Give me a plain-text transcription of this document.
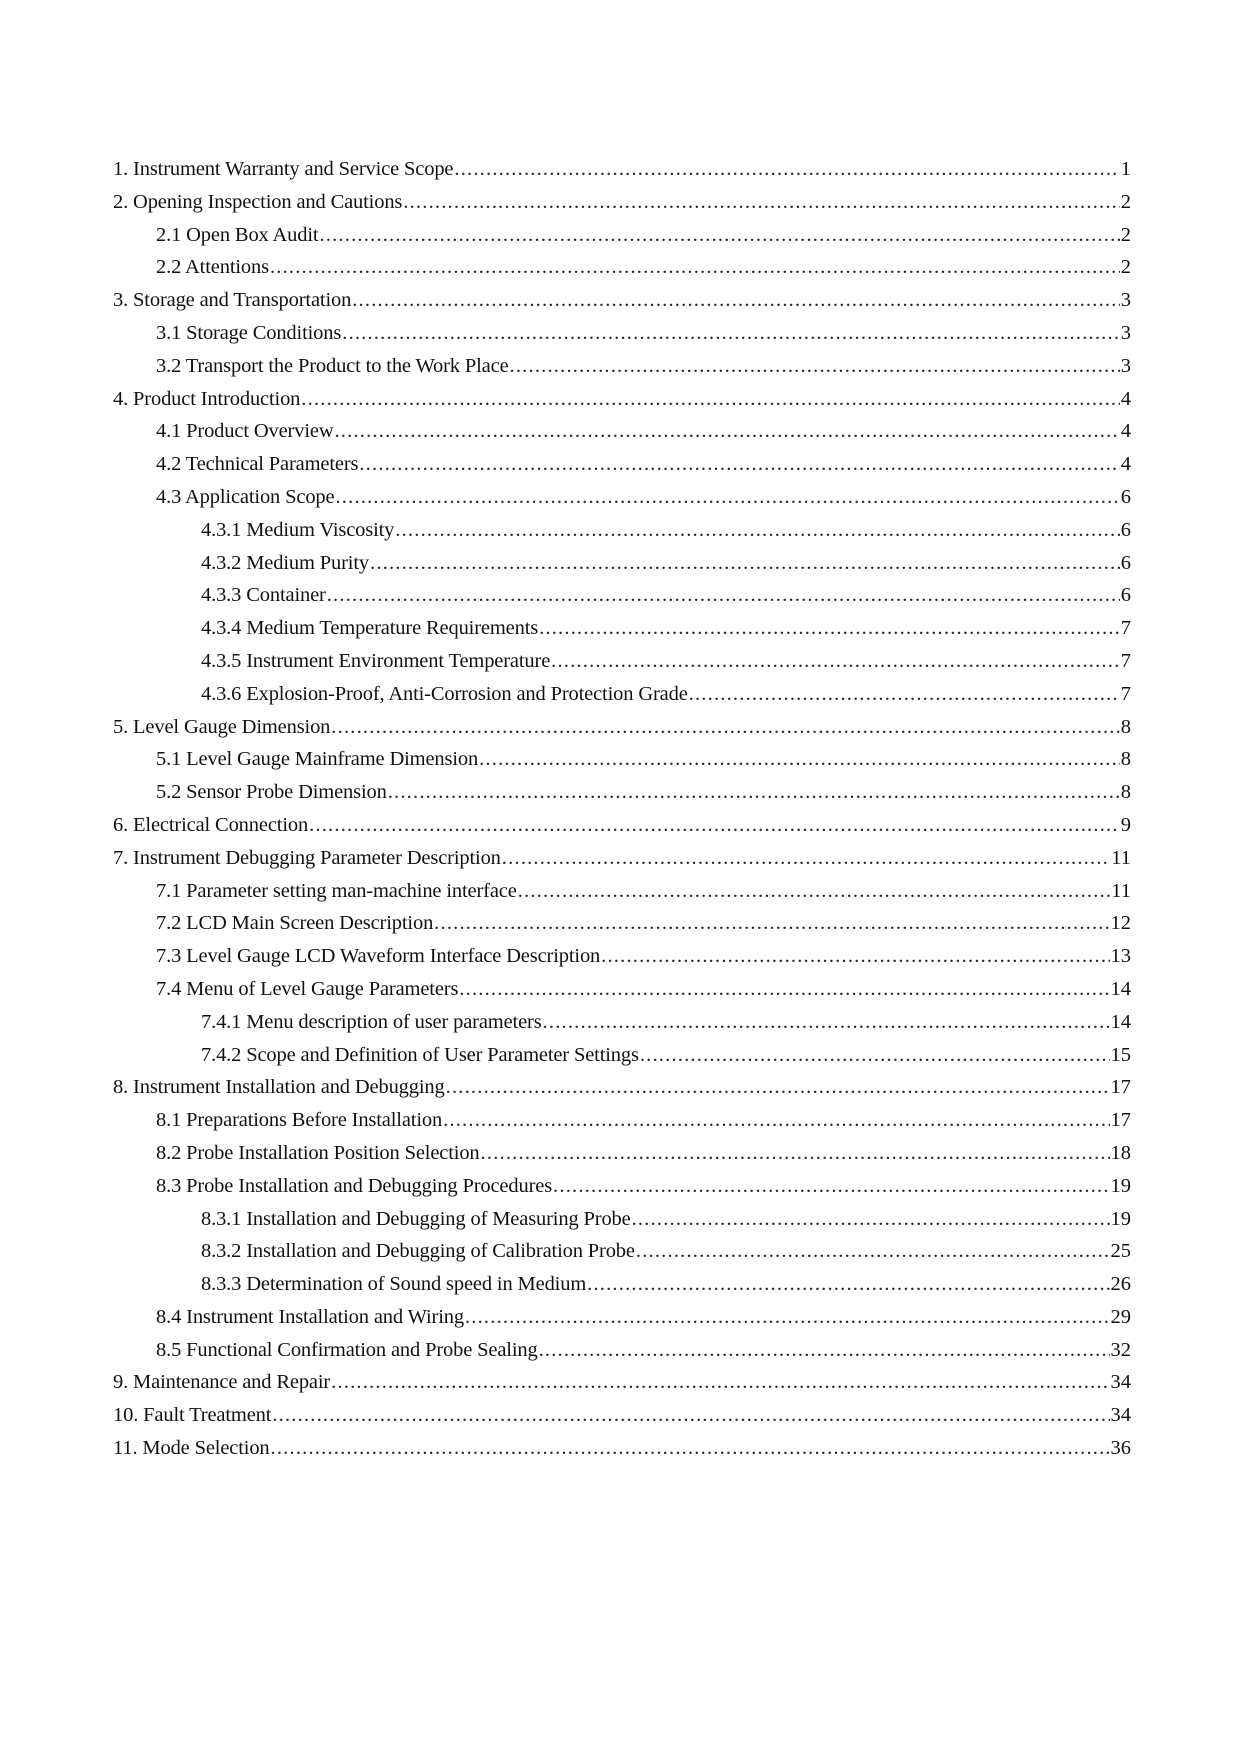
1. Instrument Warranty and Service Scope .....	1
2. Opening Inspection and Cautions .....	2
2.1 Open Box Audit .....	2
2.2 Attentions .....	2
3. Storage and Transportation .....	3
3.1 Storage Conditions .....	3
3.2 Transport the Product to the Work Place .....	3
4. Product Introduction .....	4
4.1 Product Overview .....	4
4.2 Technical Parameters .....	4
4.3 Application Scope .....	6
4.3.1 Medium Viscosity .....	6
4.3.2 Medium Purity .....	6
4.3.3 Container .....	6
4.3.4 Medium Temperature Requirements .....	7
4.3.5 Instrument Environment Temperature .....	7
4.3.6 Explosion-Proof, Anti-Corrosion and Protection Grade .....	7
5. Level Gauge Dimension .....	8
5.1 Level Gauge Mainframe Dimension .....	8
5.2 Sensor Probe Dimension .....	8
6. Electrical Connection .....	9
7. Instrument Debugging Parameter Description .....	11
7.1 Parameter setting man-machine interface .....	11
7.2 LCD Main Screen Description .....	12
7.3 Level Gauge LCD Waveform Interface Description .....	13
7.4 Menu of Level Gauge Parameters .....	14
7.4.1 Menu description of user parameters .....	14
7.4.2 Scope and Definition of User Parameter Settings .....	15
8. Instrument Installation and Debugging .....	17
8.1 Preparations Before Installation .....	17
8.2 Probe Installation Position Selection .....	18
8.3 Probe Installation and Debugging Procedures .....	19
8.3.1 Installation and Debugging of Measuring Probe .....	19
8.3.2 Installation and Debugging of Calibration Probe .....	25
8.3.3 Determination of Sound speed in Medium .....	26
8.4 Instrument Installation and Wiring .....	29
8.5 Functional Confirmation and Probe Sealing .....	32
9. Maintenance and Repair .....	34
10. Fault Treatment .....	34
11. Mode Selection .....	36
